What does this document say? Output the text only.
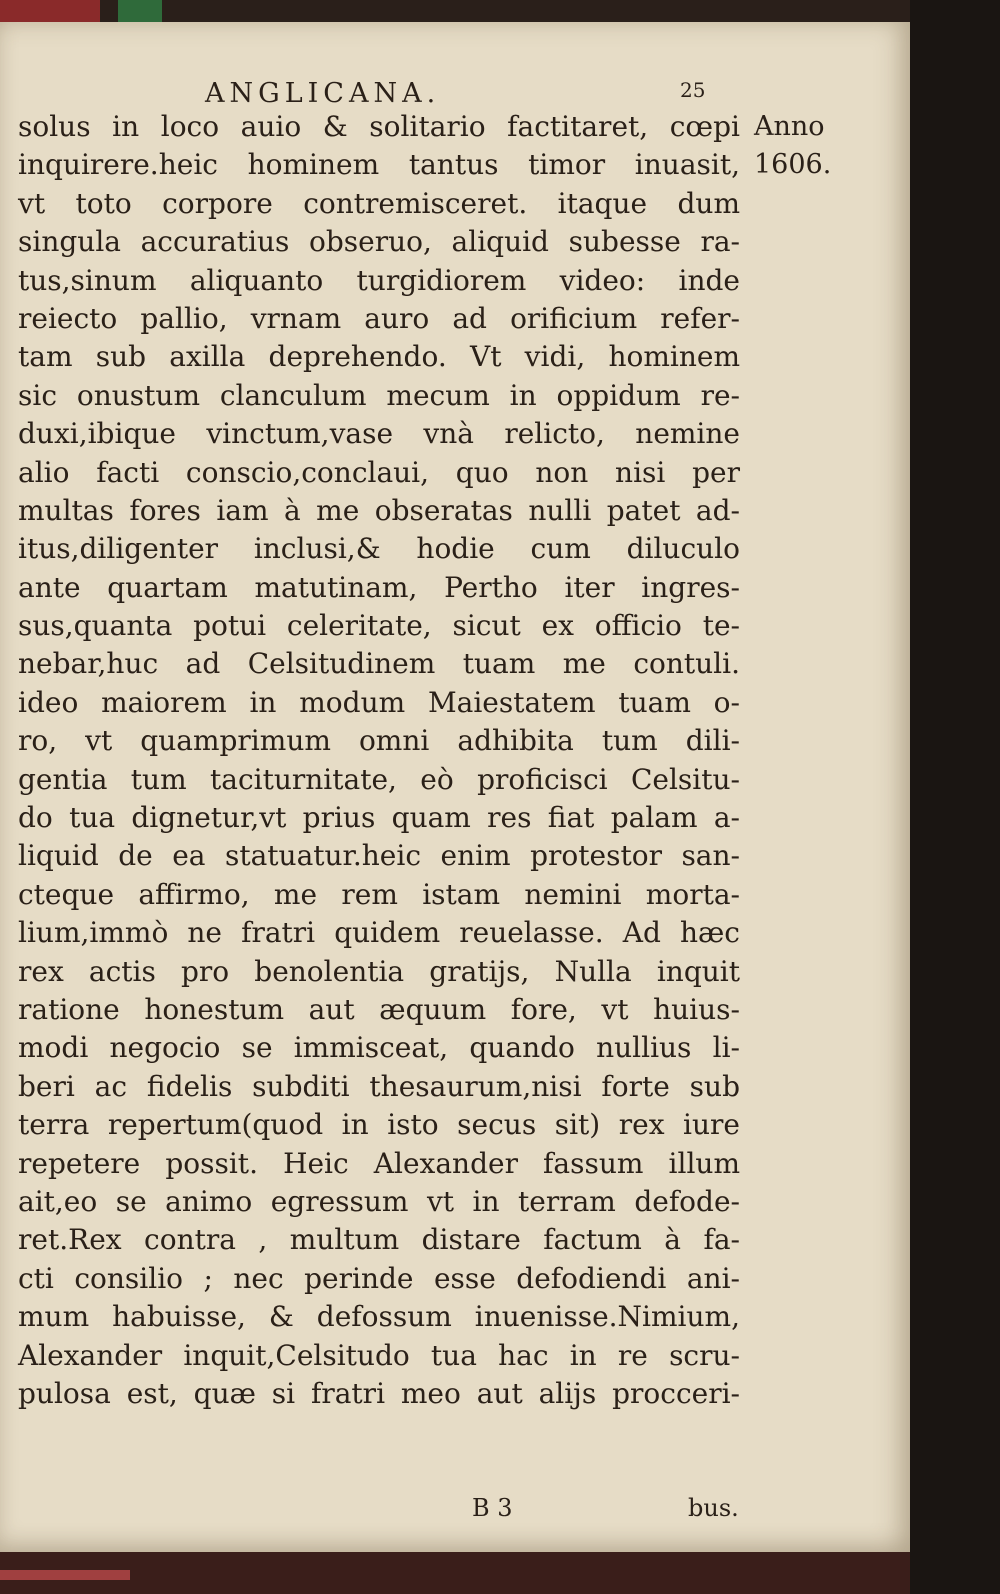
ANGLICANA.	25
Anno
1606.
solus in loco auio & solitario factitaret, cœpi
inquirere.heic hominem tantus timor inuasit,
vt toto corpore contremisceret. itaque dum
singula accuratius obseruo, aliquid subesse ra-
tus,sinum aliquanto turgidiorem video: inde
reiecto pallio, vrnam auro ad orificium refer-
tam sub axilla deprehendo. Vt vidi, hominem
sic onustum clanculum mecum in oppidum re-
duxi,ibique vinctum,vase vnà relicto, nemine
alio facti conscio,conclaui, quo non nisi per
multas fores iam à me obseratas nulli patet ad-
itus,diligenter inclusi,& hodie cum diluculo
ante quartam matutinam, Pertho iter ingres-
sus,quanta potui celeritate, sicut ex officio te-
nebar,huc ad Celsitudinem tuam me contuli.
ideo maiorem in modum Maiestatem tuam o-
ro, vt quamprimum omni adhibita tum dili-
gentia tum taciturnitate, eò proficisci Celsitu-
do tua dignetur,vt prius quam res fiat palam a-
liquid de ea statuatur.heic enim protestor san-
cteque affirmo, me rem istam nemini morta-
lium,immò ne fratri quidem reuelasse. Ad hæc
rex actis pro benolentia gratijs, Nulla inquit
ratione honestum aut æquum fore, vt huius-
modi negocio se immisceat, quando nullius li-
beri ac fidelis subditi thesaurum,nisi forte sub
terra repertum(quod in isto secus sit) rex iure
repetere possit. Heic Alexander fassum illum
ait,eo se animo egressum vt in terram defode-
ret.Rex contra , multum distare factum à fa-
cti consilio ; nec perinde esse defodiendi ani-
mum habuisse, & defossum inuenisse.Nimium,
Alexander inquit,Celsitudo tua hac in re scru-
pulosa est, quæ si fratri meo aut alijs procceri-
B 3	bus.
